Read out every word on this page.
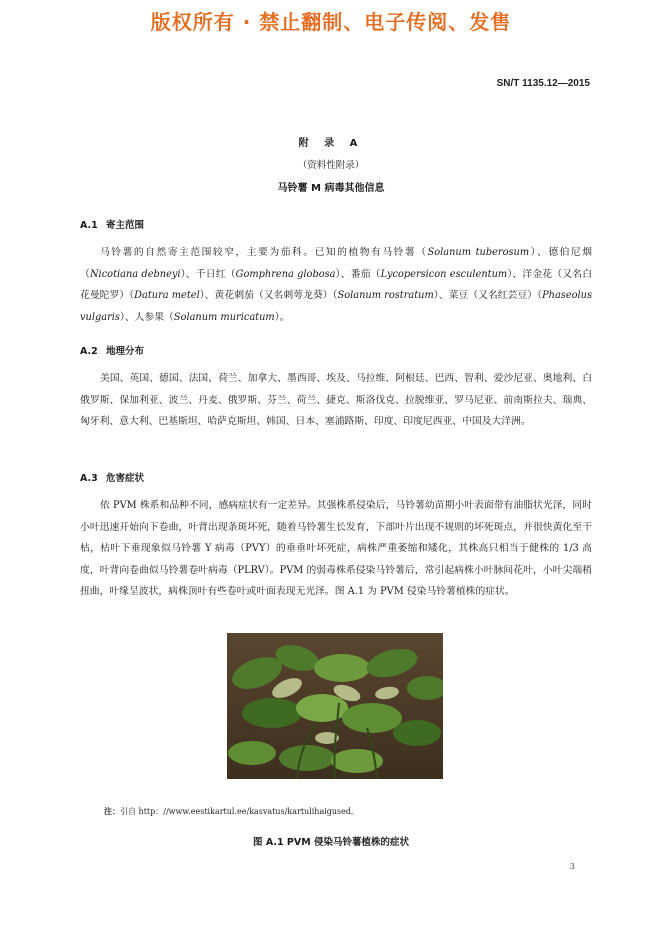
版权所有 · 禁止翻制、电子传阅、发售
SN/T 1135.12—2015
附 录 A
（资料性附录）
马铃薯 M 病毒其他信息
A.1 寄主范围

马铃薯的自然寄主范围较窄，主要为茄科。已知的植物有马铃薯（Solanum tuberosum）、德伯尼烟（Nicotiana debneyi）、千日红（Gomphrena globosa）、番茄（Lycopersicon esculentum）、洋金花（又名白花曼陀罗）（Datura metel）、黄花刺茄（又名刺萼龙葵）（Solanum rostratum）、菜豆（又名红芸豆）（Phaseolus vulgaris）、人参果（Solanum muricatum）。

A.2 地理分布

美国、英国、德国、法国、荷兰、加拿大、墨西哥、埃及、马拉维、阿根廷、巴西、智利、爱沙尼亚、奥地利、白俄罗斯、保加利亚、波兰、丹麦、俄罗斯、芬兰、荷兰、捷克、斯洛伐克、拉脱维亚、罗马尼亚、前南斯拉夫、瑞典、匈牙利、意大利、巴基斯坦、哈萨克斯坦、韩国、日本、塞浦路斯、印度、印度尼西亚、中国及大洋洲。

A.3 危害症状

依 PVM 株系和品种不同，感病症状有一定差异。其强株系侵染后，马铃薯幼苗期小叶表面带有油脂状光泽，同时小叶迅速开始向下卷曲，叶背出现条斑坏死，随着马铃薯生长发育，下部叶片出现不规则的坏死斑点，并很快黄化至干枯，枯叶下垂现象似马铃薯 Y 病毒（PVY）的垂垂叶坏死症，病株严重萎缩和矮化，其株高只相当于健株的 1/3 高度，叶背向卷曲似马铃薯卷叶病毒（PLRV）。PVM 的弱毒株系侵染马铃薯后，常引起病株小叶脉间花叶，小叶尖端稍扭曲，叶缘呈波状，病株顶叶有些卷叶或叶面表现无光泽。图 A.1 为 PVM 侵染马铃薯植株的症状。

注：引自 http：//www.eestikartul.ee/kasvatus/kartulihaigused。
图 A.1 PVM 侵染马铃薯植株的症状
3
